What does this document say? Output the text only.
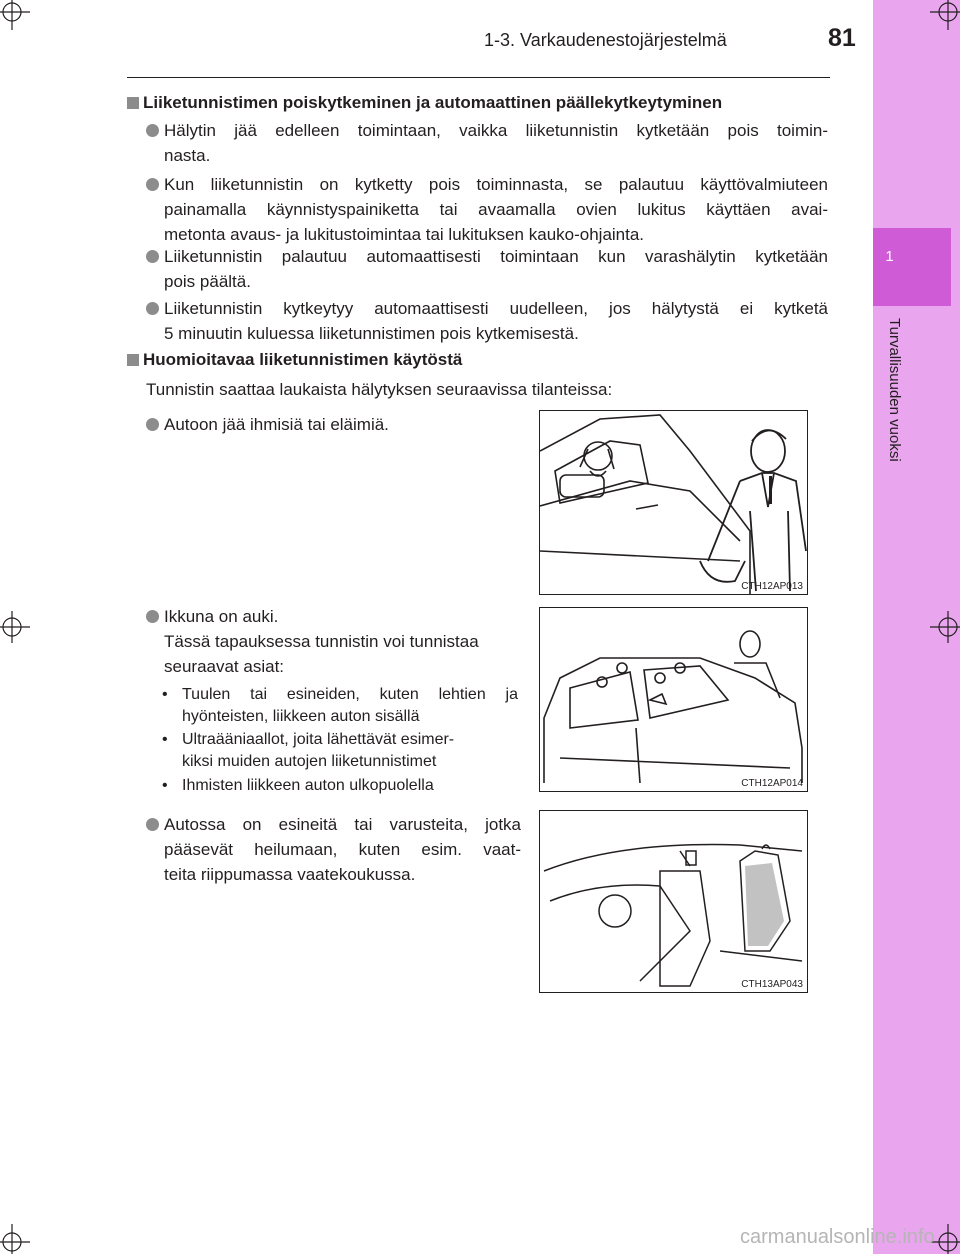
1
Turvallisuuden vuoksi
1-3. Varkaudenestojärjestelmä	81
Liiketunnistimen poiskytkeminen ja automaattinen päällekytkeytyminen
Hälytin jää edelleen toimintaan, vaikka liiketunnistin kytketään pois toimin-
nasta.
Kun liiketunnistin on kytketty pois toiminnasta, se palautuu käyttövalmiuteen
painamalla käynnistyspainiketta tai avaamalla ovien lukitus käyttäen avai-
metonta avaus- ja lukitustoimintaa tai lukituksen kauko-ohjainta.
Liiketunnistin palautuu automaattisesti toimintaan kun varashälytin kytketään
pois päältä.
Liiketunnistin kytkeytyy automaattisesti uudelleen, jos hälytystä ei kytketä
5 minuutin kuluessa liiketunnistimen pois kytkemisestä.
Huomioitavaa liiketunnistimen käytöstä
Tunnistin saattaa laukaista hälytyksen seuraavissa tilanteissa:
Autoon jää ihmisiä tai eläimiä.
CTH12AP013
Ikkuna on auki.
Tässä tapauksessa tunnistin voi tunnistaa
seuraavat asiat:
• Tuulen tai esineiden, kuten lehtien ja
hyönteisten, liikkeen auton sisällä
• Ultraääniaallot, joita lähettävät esimer-
kiksi muiden autojen liiketunnistimet
• Ihmisten liikkeen auton ulkopuolella	CTH12AP014
Autossa on esineitä tai varusteita, jotka
pääsevät heilumaan, kuten esim. vaat-
teita riippumassa vaatekoukussa.
CTH13AP043
carmanualsonline.info
